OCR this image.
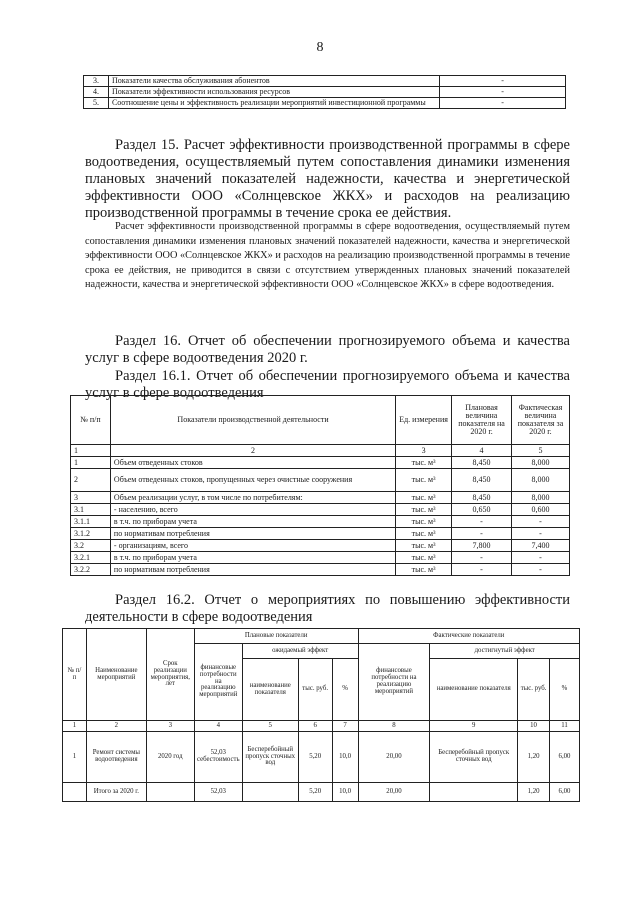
8
3.	Показатели качества обслуживания абонентов	-
4.	Показатели эффективности использования ресурсов	-
5.	Соотношение цены и эффективность реализации мероприятий инвестиционной программы	-
Раздел 15. Расчет эффективности производственной программы в сфере водоотведения, осуществляемый путем сопоставления динамики изменения плановых значений показателей надежности, качества и энергетической эффективности ООО «Солнцевское ЖКХ» и расходов на реализацию производственной программы в течение срока ее действия.
Расчет эффективности производственной программы в сфере водоотведения, осуществляемый путем сопоставления динамики изменения плановых значений показателей надежности, качества и энергетической эффективности ООО «Солнцевское ЖКХ» и расходов на реализацию производственной программы в течение срока ее действия, не приводится в связи с отсутствием утвержденных плановых значений показателей надежности, качества и энергетической эффективности ООО «Солнцевское ЖКХ» в сфере водоотведения.
Раздел 16. Отчет об обеспечении прогнозируемого объема и качества услуг в сфере водоотведения 2020 г.
Раздел 16.1. Отчет об обеспечении прогнозируемого объема и качества услуг в сфере водоотведения
№ п/п	Показатели производственной деятельности	Ед. измерения	Плановая величина показателя на 2020 г.	Фактическая величина показателя за 2020 г.
1	2	3	4	5
1	Объем отведенных стоков	тыс. м³	8,450	8,000
2	Объем отведенных стоков, пропущенных через очистные сооружения	тыс. м³	8,450	8,000
3	Объем реализации услуг, в том числе по потребителям:	тыс. м³	8,450	8,000
3.1	- населению, всего	тыс. м³	0,650	0,600
3.1.1	в т.ч. по приборам учета	тыс. м³	-	-
3.1.2	по нормативам потребления	тыс. м³	-	-
3.2	- организациям, всего	тыс. м³	7,800	7,400
3.2.1	в т.ч. по приборам учета	тыс. м³	-	-
3.2.2	по нормативам потребления	тыс. м³	-	-
Раздел 16.2. Отчет о мероприятиях по повышению эффективности деятельности в сфере водоотведения
№ п/ п	Наименование мероприятий	Срок реализации мероприятия, лет	Плановые показатели				Фактические показатели			
			финансовые потребности на реализацию мероприятий	ожидаемый эффект			финансовые потребности на реализацию мероприятий	достигнутый эффект		
				наименование показателя	тыс. руб.	%		наименование показателя	тыс. руб.	%
1	2	3	4	5	6	7	8	9	10	11
1	Ремонт системы водоотведения	2020 год	52,03 себестоимость	Бесперебойный пропуск сточных вод	5,20	10,0	20,00	Бесперебойный пропуск сточных вод	1,20	6,00
	Итого за 2020 г.		52,03		5,20	10,0	20,00		1,20	6,00
